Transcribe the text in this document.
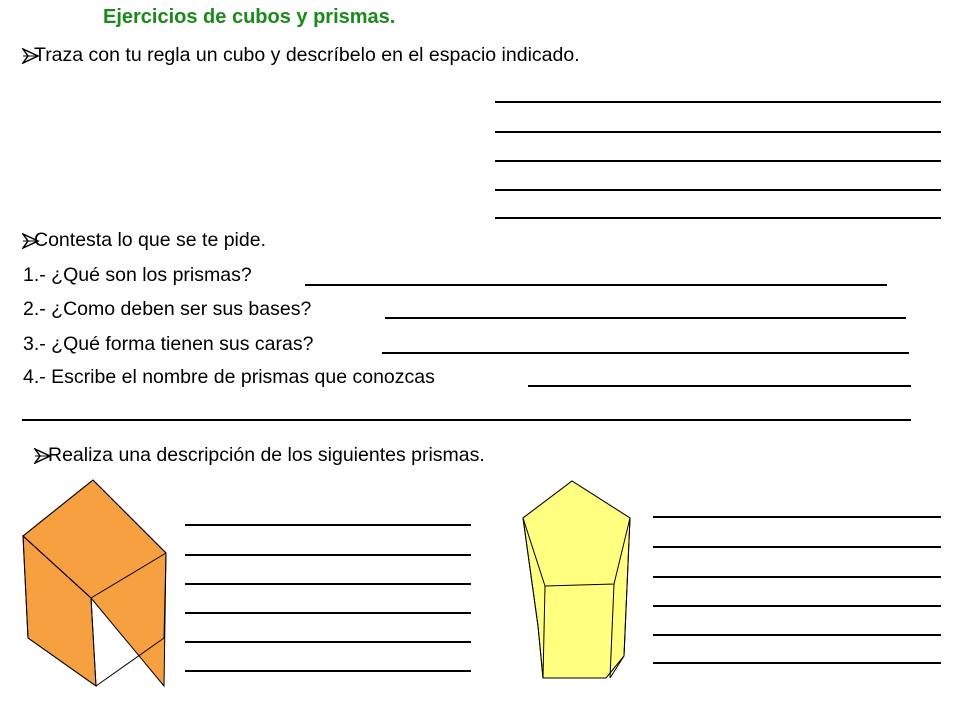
Ejercicios de cubos y prismas.
Traza con tu regla un cubo y descríbelo en el espacio indicado.
Contesta lo que se te pide.
1.- ¿Qué son los prismas?
2.- ¿Como deben ser sus bases?
3.- ¿Qué forma tienen sus caras?
4.- Escribe el nombre de prismas que conozcas
Realiza una descripción de los siguientes prismas.
